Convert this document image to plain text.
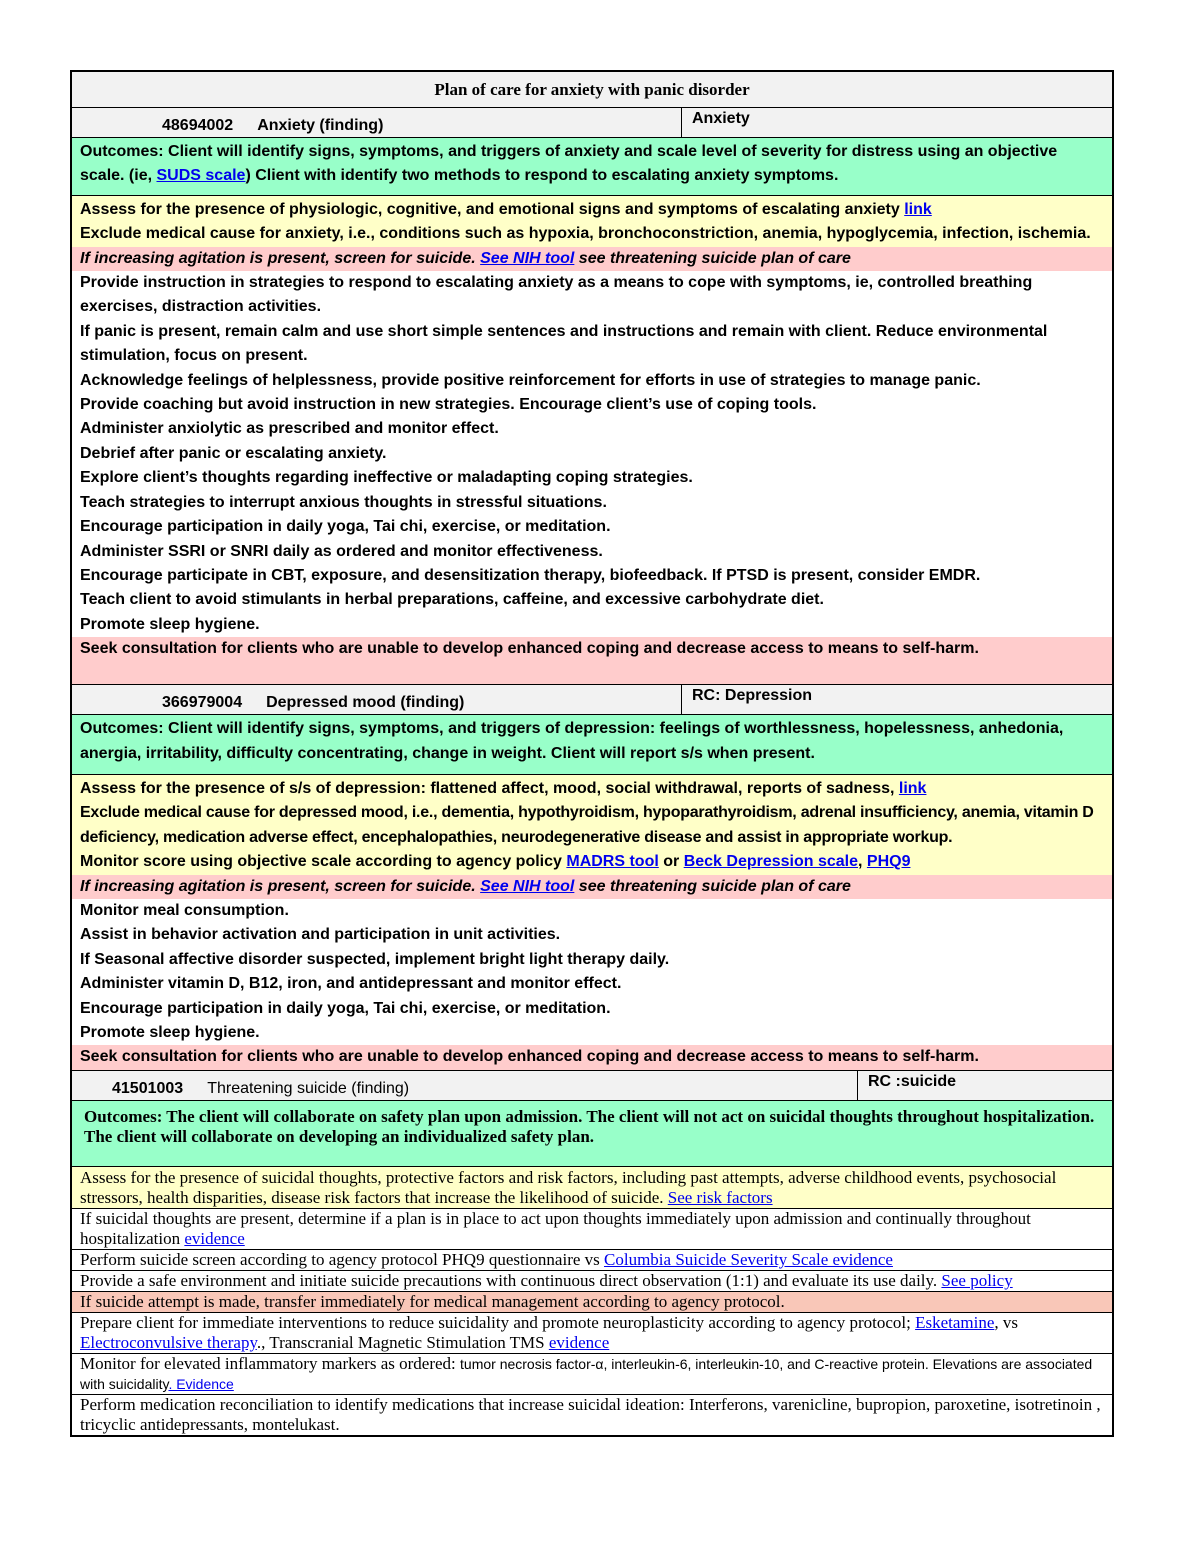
Plan of care for anxiety with panic disorder
48694002 Anxiety (finding)	Anxiety
Outcomes: Client will identify signs, symptoms, and triggers of anxiety and scale level of severity for distress using an objective scale. (ie, SUDS scale) Client with identify two methods to respond to escalating anxiety symptoms.
Assess for the presence of physiologic, cognitive, and emotional signs and symptoms of escalating anxiety link
Exclude medical cause for anxiety, i.e., conditions such as hypoxia, bronchoconstriction, anemia, hypoglycemia, infection, ischemia.
If increasing agitation is present, screen for suicide. See NIH tool see threatening suicide plan of care
Provide instruction in strategies to respond to escalating anxiety as a means to cope with symptoms, ie, controlled breathing exercises, distraction activities.
If panic is present, remain calm and use short simple sentences and instructions and remain with client. Reduce environmental stimulation, focus on present.
Acknowledge feelings of helplessness, provide positive reinforcement for efforts in use of strategies to manage panic.
Provide coaching but avoid instruction in new strategies. Encourage client’s use of coping tools.
Administer anxiolytic as prescribed and monitor effect.
Debrief after panic or escalating anxiety.
Explore client’s thoughts regarding ineffective or maladapting coping strategies.
Teach strategies to interrupt anxious thoughts in stressful situations.
Encourage participation in daily yoga, Tai chi, exercise, or meditation.
Administer SSRI or SNRI daily as ordered and monitor effectiveness.
Encourage participate in CBT, exposure, and desensitization therapy, biofeedback. If PTSD is present, consider EMDR.
Teach client to avoid stimulants in herbal preparations, caffeine, and excessive carbohydrate diet.
Promote sleep hygiene.
Seek consultation for clients who are unable to develop enhanced coping and decrease access to means to self-harm.
366979004 Depressed mood (finding)	RC: Depression
Outcomes: Client will identify signs, symptoms, and triggers of depression: feelings of worthlessness, hopelessness, anhedonia, anergia, irritability, difficulty concentrating, change in weight. Client will report s/s when present.
Assess for the presence of s/s of depression: flattened affect, mood, social withdrawal, reports of sadness, link
Exclude medical cause for depressed mood, i.e., dementia, hypothyroidism, hypoparathyroidism, adrenal insufficiency, anemia, vitamin D deficiency, medication adverse effect, encephalopathies, neurodegenerative disease and assist in appropriate workup.
Monitor score using objective scale according to agency policy MADRS tool or Beck Depression scale, PHQ9
If increasing agitation is present, screen for suicide. See NIH tool see threatening suicide plan of care
Monitor meal consumption.
Assist in behavior activation and participation in unit activities.
If Seasonal affective disorder suspected, implement bright light therapy daily.
Administer vitamin D, B12, iron, and antidepressant and monitor effect.
Encourage participation in daily yoga, Tai chi, exercise, or meditation.
Promote sleep hygiene.
Seek consultation for clients who are unable to develop enhanced coping and decrease access to means to self-harm.
41501003 Threatening suicide (finding)	RC :suicide
Outcomes: The client will collaborate on safety plan upon admission. The client will not act on suicidal thoughts throughout hospitalization. The client will collaborate on developing an individualized safety plan.
Assess for the presence of suicidal thoughts, protective factors and risk factors, including past attempts, adverse childhood events, psychosocial stressors, health disparities, disease risk factors that increase the likelihood of suicide. See risk factors
If suicidal thoughts are present, determine if a plan is in place to act upon thoughts immediately upon admission and continually throughout hospitalization evidence
Perform suicide screen according to agency protocol PHQ9 questionnaire vs Columbia Suicide Severity Scale evidence
Provide a safe environment and initiate suicide precautions with continuous direct observation (1:1) and evaluate its use daily. See policy
If suicide attempt is made, transfer immediately for medical management according to agency protocol.
Prepare client for immediate interventions to reduce suicidality and promote neuroplasticity according to agency protocol; Esketamine, vs Electroconvulsive therapy., Transcranial Magnetic Stimulation TMS evidence
Monitor for elevated inflammatory markers as ordered: tumor necrosis factor-α, interleukin-6, interleukin-10, and C-reactive protein. Elevations are associated with suicidality. Evidence
Perform medication reconciliation to identify medications that increase suicidal ideation: Interferons, varenicline, bupropion, paroxetine, isotretinoin , tricyclic antidepressants, montelukast.
